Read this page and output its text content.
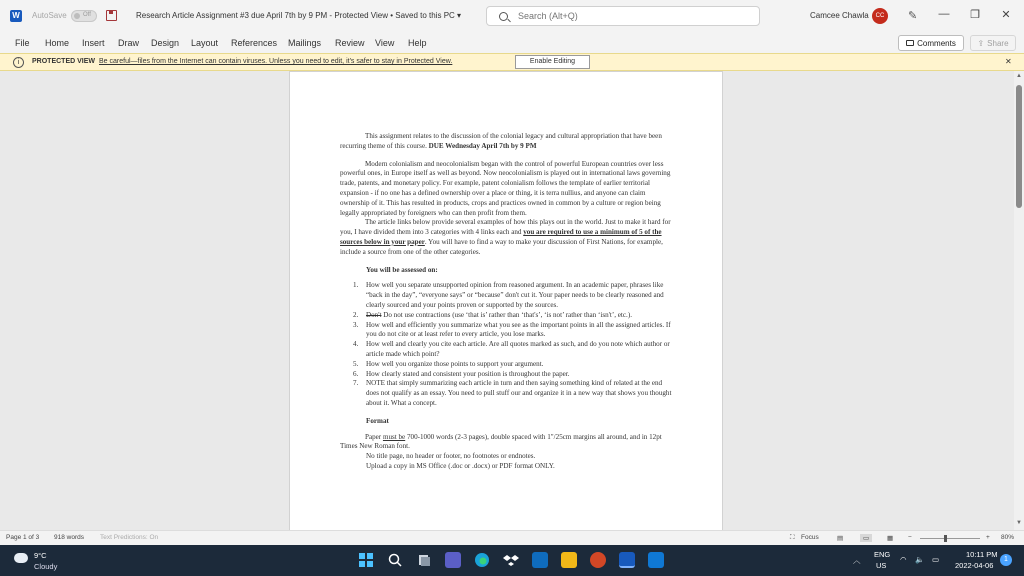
W AutoSave	Off	Research Article Assignment #3 due April 7th by 9 PM - Protected View • Saved to this PC ▾
Search (Alt+Q)	Camcee Chawla	CC	✎	—	❐	✕
File Home Insert Draw Design Layout References Mailings Review View Help	Comments	⇪ Share
i	PROTECTED VIEW Be careful—files from the Internet can contain viruses. Unless you need to edit, it's safer to stay in Protected View.	Enable Editing	✕

This assignment relates to the discussion of the colonial legacy and cultural appropriation that have been recurring theme of this course. DUE Wednesday April 7th by 9 PM

Modern colonialism and neocolonialism began with the control of powerful European countries over less powerful ones, in Europe itself as well as beyond. Now neocolonialism is played out in international laws governing trade, patents, and monetary policy. For example, patent colonialism follows the template of earlier territorial expansion - if no one has a defined ownership over a place or thing, it is terra nullius, and anyone can claim ownership of it. This has resulted in products, crops and practices owned in common by a culture or region being legally appropriated by foreigners who can then profit from them.

The article links below provide several examples of how this plays out in the world. Just to make it hard for you, I have divided them into 3 categories with 4 links each and you are required to use a minimum of 5 of the sources below in your paper. You will have to find a way to make your discussion of First Nations, for example, include a source from one of the other categories.

You will be assessed on:

1. How well you separate unsupported opinion from reasoned argument. In an academic paper, phrases like “back in the day”, “everyone says” or “because” don't cut it. Your paper needs to be clearly reasoned and clearly sourced and your points proven or supported by the sources.
2. Don't Do not use contractions (use ‘that is’ rather than ‘that's’, ‘is not’ rather than ‘isn't’, etc.).
3. How well and efficiently you summarize what you see as the important points in all the assigned articles. If you do not cite or at least refer to every article, you lose marks.
4. How well and clearly you cite each article. Are all quotes marked as such, and do you note which author or article made which point?
5. How well you organize those points to support your argument.
6. How clearly stated and consistent your position is throughout the paper.
7. NOTE that simply summarizing each article in turn and then saying something kind of related at the end does not qualify as an essay. You need to pull stuff our and organize it in a new way that shows you thought about it. What a concept.

Format

Paper must be 700-1000 words (2-3 pages), double spaced with 1"/25cm margins all around, and in 12pt Times New Roman font.

No title page, no header or footer, no footnotes or endnotes.

Upload a copy in MS Office (.doc or .docx) or PDF format ONLY.

▲
▼
Page 1 of 3 918 words Text Predictions: On	⛶ Focus	▤	▭	▦ −	+ 80%
9°C
Cloudy
︿
ENG
US
◠ 🔈 ▭
10:11 PM
2022-04-06
1
